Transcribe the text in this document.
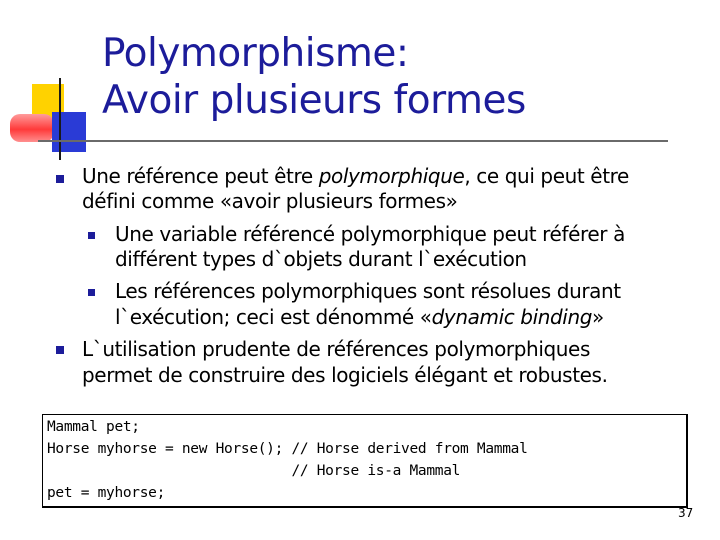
Polymorphisme:
Avoir plusieurs formes
Une référence peut être polymorphique, ce qui peut être
défini comme «avoir plusieurs formes»
Une variable référencé polymorphique peut référer à
différent types d`objets durant l`exécution
Les références polymorphiques sont résolues durant
l`exécution; ceci est dénommé «dynamic binding»
L`utilisation prudente de références polymorphiques
permet de construire des logiciels élégant et robustes.
Mammal pet;
Horse myhorse = new Horse(); // Horse derived from Mammal
// Horse is-a Mammal
pet = myhorse;
37
